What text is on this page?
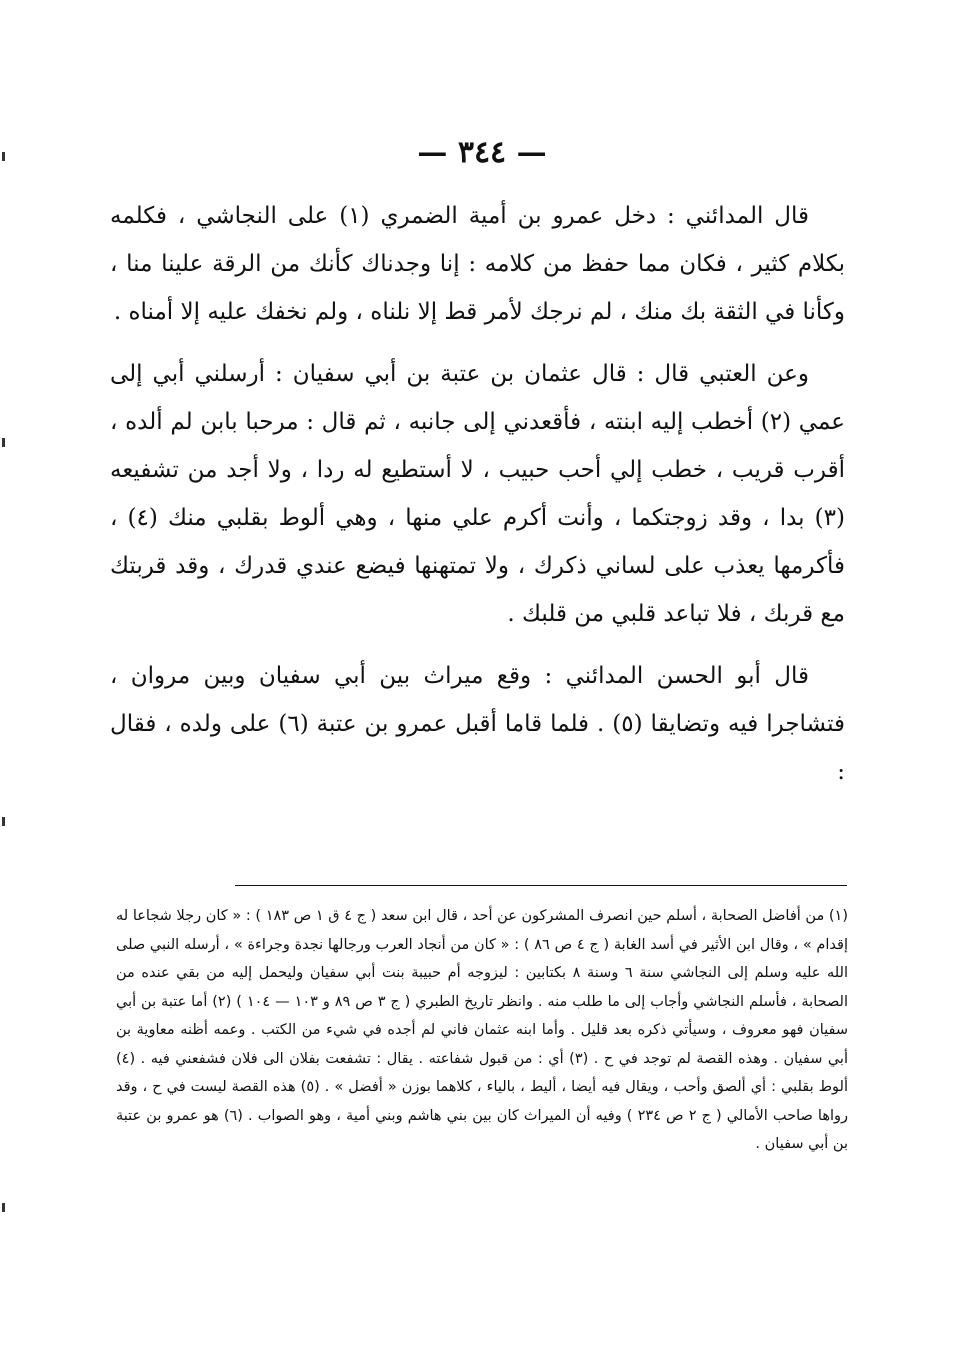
— ٣٤٤ —

قال المدائني : دخل عمرو بن أمية الضمري (١) على النجاشي ، فكلمه بكلام كثير ، فكان مما حفظ من كلامه : إنا وجدناك كأنك من الرقة علينا منا ، وكأنا في الثقة بك منك ، لم نرجك لأمر قط إلا نلناه ، ولم نخفك عليه إلا أمناه .

وعن العتبي قال : قال عثمان بن عتبة بن أبي سفيان : أرسلني أبي إلى عمي (٢) أخطب إليه ابنته ، فأقعدني إلى جانبه ، ثم قال : مرحبا بابن لم ألده ، أقرب قريب ، خطب إلي أحب حبيب ، لا أستطيع له ردا ، ولا أجد من تشفيعه (٣) بدا ، وقد زوجتكما ، وأنت أكرم علي منها ، وهي ألوط بقلبي منك (٤) ، فأكرمها يعذب على لساني ذكرك ، ولا تمتهنها فيضع عندي قدرك ، وقد قربتك مع قربك ، فلا تباعد قلبي من قلبك .

قال أبو الحسن المدائني : وقع ميراث بين أبي سفيان وبين مروان ، فتشاجرا فيه وتضايقا (٥) . فلما قاما أقبل عمرو بن عتبة (٦) على ولده ، فقال :

(١) من أفاضل الصحابة ، أسلم حين انصرف المشركون عن أحد ، قال ابن سعد ( ج ٤ ق ١ ص ١٨٣ ) : « كان رجلا شجاعا له إقدام » ، وقال ابن الأثير في أسد الغابة ( ج ٤ ص ٨٦ ) : « كان من أنجاد العرب ورجالها نجدة وجراءة » ، أرسله النبي صلى الله عليه وسلم إلى النجاشي سنة ٦ وسنة ٨ بكتابين : ليزوجه أم حبيبة بنت أبي سفيان وليحمل إليه من بقي عنده من الصحابة ، فأسلم النجاشي وأجاب إلى ما طلب منه . وانظر تاريخ الطبري ( ج ٣ ص ٨٩ و ١٠٣ — ١٠٤ ) (٢) أما عتبة بن أبي سفيان فهو معروف ، وسيأتي ذكره بعد قليل . وأما ابنه عثمان فاني لم أجده في شيء من الكتب . وعمه أظنه معاوية بن أبي سفيان . وهذه القصة لم توجد في ح . (٣) أي : من قبول شفاعته . يقال : تشفعت بفلان الى فلان فشفعني فيه . (٤) ألوط بقلبي : أي ألصق وأحب ، ويقال فيه أيضا ، أليط ، بالياء ، كلاهما بوزن « أفضل » . (٥) هذه القصة ليست في ح ، وقد رواها صاحب الأمالي ( ج ٢ ص ٢٣٤ ) وفيه أن الميراث كان بين بني هاشم وبني أمية ، وهو الصواب . (٦) هو عمرو بن عتبة بن أبي سفيان .
